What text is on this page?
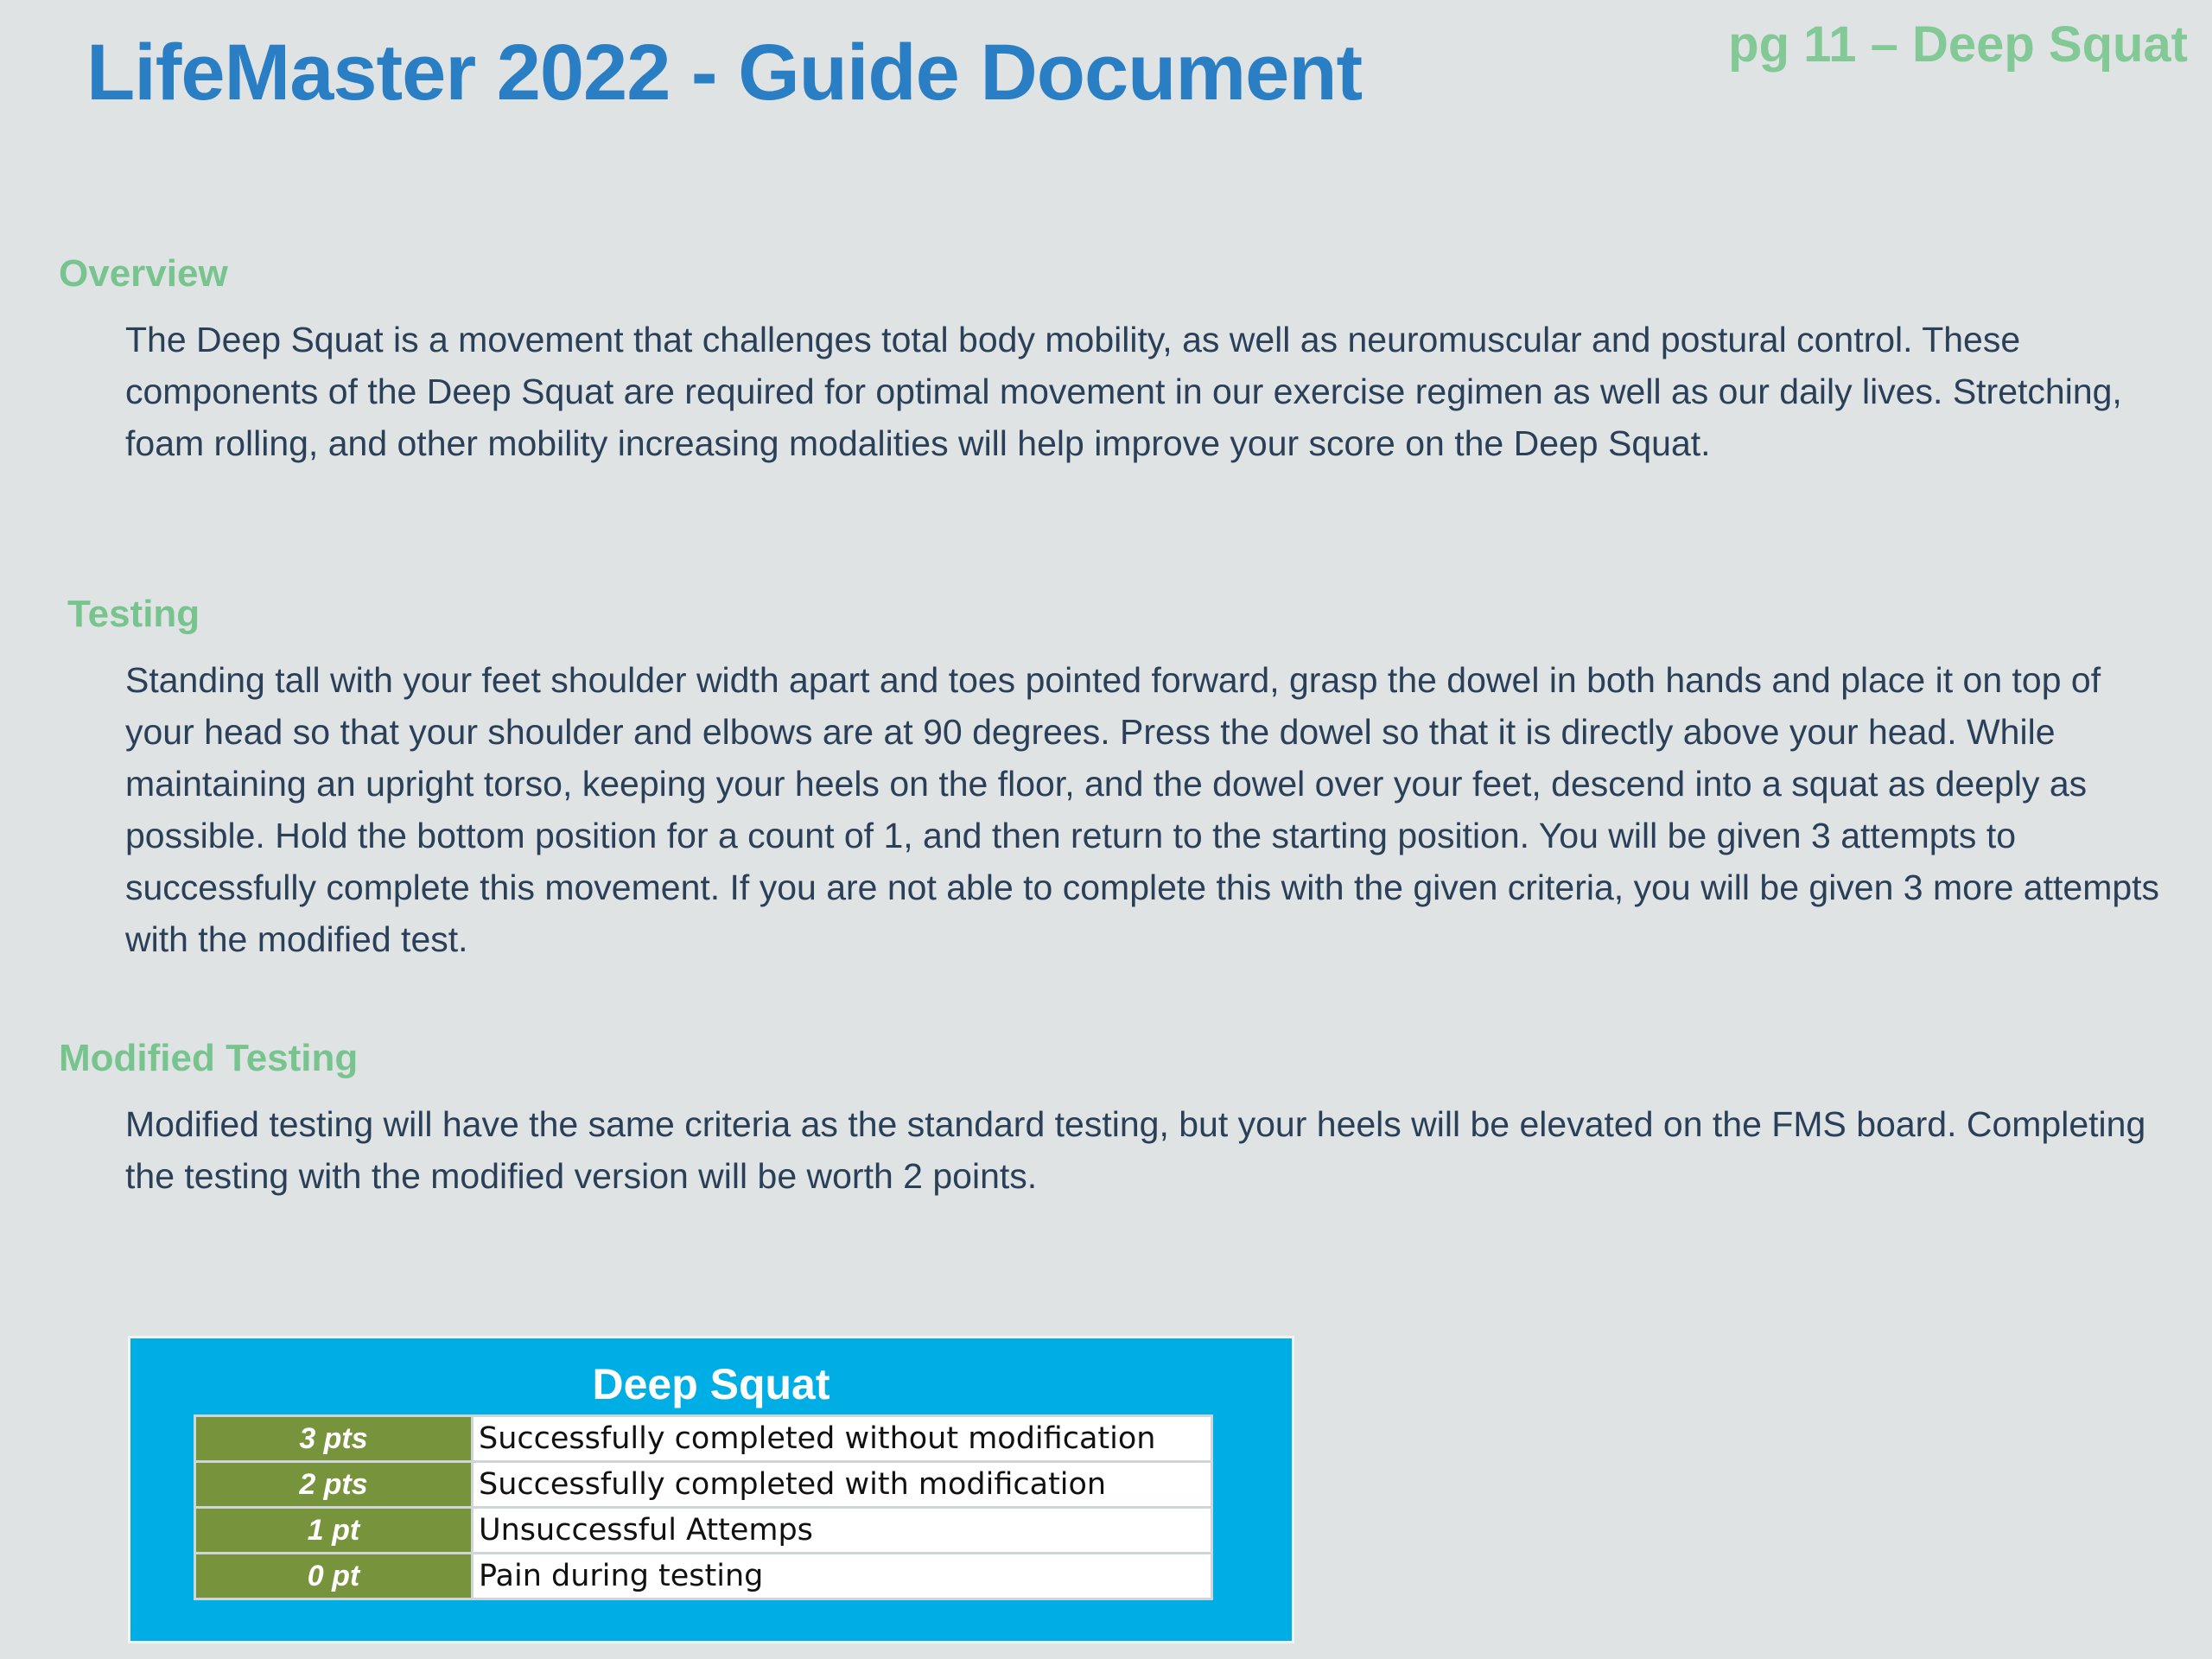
LifeMaster 2022 - Guide Document	pg 11 – Deep Squat
Overview

The Deep Squat is a movement that challenges total body mobility, as well as neuromuscular and postural control. These components of the Deep Squat are required for optimal movement in our exercise regimen as well as our daily lives. Stretching, foam rolling, and other mobility increasing modalities will help improve your score on the Deep Squat.

Testing

Standing tall with your feet shoulder width apart and toes pointed forward, grasp the dowel in both hands and place it on top of your head so that your shoulder and elbows are at 90 degrees. Press the dowel so that it is directly above your head. While maintaining an upright torso, keeping your heels on the floor, and the dowel over your feet, descend into a squat as deeply as possible. Hold the bottom position for a count of 1, and then return to the starting position. You will be given 3 attempts to successfully complete this movement. If you are not able to complete this with the given criteria, you will be given 3 more attempts with the modified test.

Modified Testing

Modified testing will have the same criteria as the standard testing, but your heels will be elevated on the FMS board. Completing the testing with the modified version will be worth 2 points.

Deep Squat
3 pts	Successfully completed without modification
2 pts	Successfully completed with modification
1 pt	Unsuccessful Attemps
0 pt	Pain during testing
